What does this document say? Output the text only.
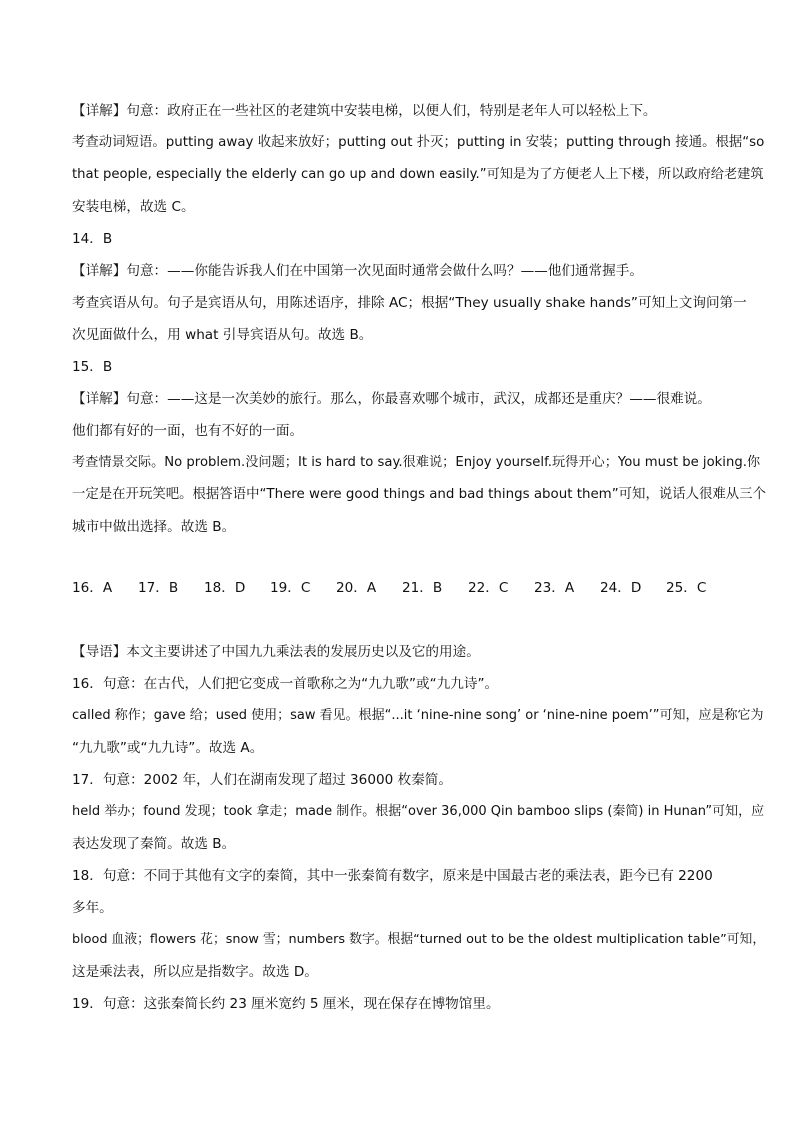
【详解】句意：政府正在一些社区的老建筑中安装电梯，以便人们，特别是老年人可以轻松上下。
考查动词短语。putting away 收起来放好；putting out 扑灭；putting in 安装；putting through 接通。根据“so
that people, especially the elderly can go up and down easily.”可知是为了方便老人上下楼，所以政府给老建筑
安装电梯，故选 C。
14．B
【详解】句意：——你能告诉我人们在中国第一次见面时通常会做什么吗？——他们通常握手。
考查宾语从句。句子是宾语从句，用陈述语序，排除 AC；根据“They usually shake hands”可知上文询问第一
次见面做什么，用 what 引导宾语从句。故选 B。
15．B
【详解】句意：——这是一次美妙的旅行。那么，你最喜欢哪个城市，武汉，成都还是重庆？——很难说。
他们都有好的一面，也有不好的一面。
考查情景交际。No problem.没问题；It is hard to say.很难说；Enjoy yourself.玩得开心；You must be joking.你
一定是在开玩笑吧。根据答语中“There were good things and bad things about them”可知，说话人很难从三个
城市中做出选择。故选 B。
16．A 17．B 18．D 19．C 20．A 21．B 22．C 23．A 24．D 25．C
【导语】本文主要讲述了中国九九乘法表的发展历史以及它的用途。
16．句意：在古代，人们把它变成一首歌称之为“九九歌”或“九九诗”。
called 称作；gave 给；used 使用；saw 看见。根据“...it ‘nine-nine song’ or ‘nine-nine poem’”可知，应是称它为
“九九歌”或“九九诗”。故选 A。
17．句意：2002 年，人们在湖南发现了超过 36000 枚秦简。
held 举办；found 发现；took 拿走；made 制作。根据“over 36,000 Qin bamboo slips (秦简) in Hunan”可知，应
表达发现了秦简。故选 B。
18．句意：不同于其他有文字的秦简，其中一张秦简有数字，原来是中国最古老的乘法表，距今已有 2200
多年。
blood 血液；flowers 花；snow 雪；numbers 数字。根据“turned out to be the oldest multiplication table”可知，
这是乘法表，所以应是指数字。故选 D。
19．句意：这张秦简长约 23 厘米宽约 5 厘米，现在保存在博物馆里。
